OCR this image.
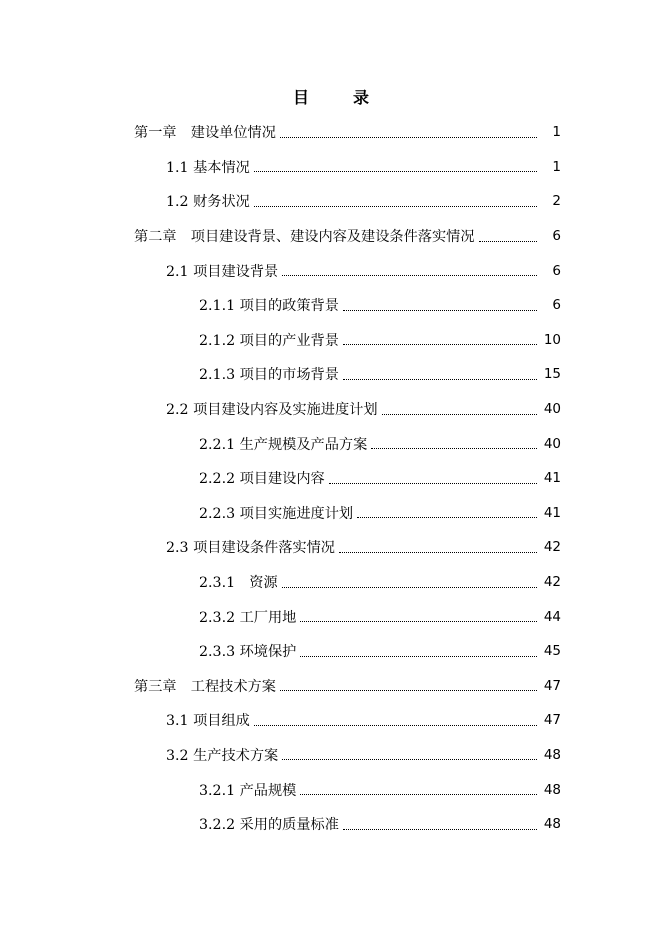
目　录
第一章　建设单位情况	1
1.1 基本情况	1
1.2 财务状况	2
第二章　项目建设背景、建设内容及建设条件落实情况	6
2.1 项目建设背景	6
2.1.1 项目的政策背景	6
2.1.2 项目的产业背景	10
2.1.3 项目的市场背景	15
2.2 项目建设内容及实施进度计划	40
2.2.1 生产规模及产品方案	40
2.2.2 项目建设内容	41
2.2.3 项目实施进度计划	41
2.3 项目建设条件落实情况	42
2.3.1　资源	42
2.3.2 工厂用地	44
2.3.3 环境保护	45
第三章　工程技术方案	47
3.1 项目组成	47
3.2 生产技术方案	48
3.2.1 产品规模	48
3.2.2 采用的质量标准	48
